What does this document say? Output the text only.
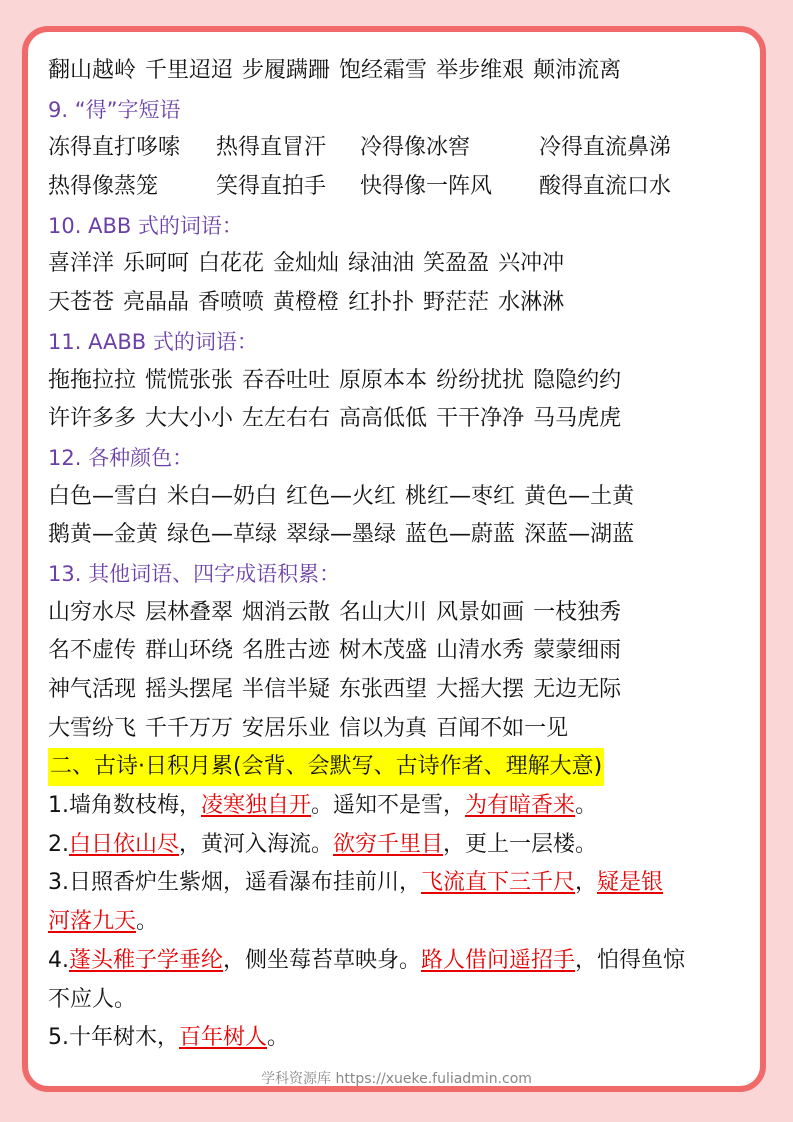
翻山越岭 千里迢迢 步履蹒跚 饱经霜雪 举步维艰 颠沛流离
9. “得”字短语
冻得直打哆嗦	热得直冒汗	冷得像冰窖	冷得直流鼻涕
热得像蒸笼	笑得直拍手	快得像一阵风	酸得直流口水
10. ABB 式的词语：
喜洋洋 乐呵呵 白花花 金灿灿 绿油油 笑盈盈 兴冲冲
天苍苍 亮晶晶 香喷喷 黄橙橙 红扑扑 野茫茫 水淋淋
11. AABB 式的词语：
拖拖拉拉 慌慌张张 吞吞吐吐 原原本本 纷纷扰扰 隐隐约约
许许多多 大大小小 左左右右 高高低低 干干净净 马马虎虎
12. 各种颜色：
白色—雪白 米白—奶白 红色—火红 桃红—枣红 黄色—土黄
鹅黄—金黄 绿色—草绿 翠绿—墨绿 蓝色—蔚蓝 深蓝—湖蓝
13. 其他词语、四字成语积累：
山穷水尽 层林叠翠 烟消云散 名山大川 风景如画 一枝独秀
名不虚传 群山环绕 名胜古迹 树木茂盛 山清水秀 蒙蒙细雨
神气活现 摇头摆尾 半信半疑 东张西望 大摇大摆 无边无际
大雪纷飞 千千万万 安居乐业 信以为真 百闻不如一见
二、古诗·日积月累(会背、会默写、古诗作者、理解大意)
1. 墙角数枝梅， 凌寒独自开 。遥知不是雪， 为有暗香来 。
2. 白日依山尽 ，黄河入海流。 欲穷千里目 ，更上一层楼。
3. 日照香炉生紫烟，遥看瀑布挂前川， 飞流直下三千尺 ， 疑是银
河落九天 。
4. 蓬头稚子学垂纶 ，侧坐莓苔草映身。 路人借问遥招手 ，怕得鱼惊
不应人。
5. 十年树木， 百年树人 。
学科资源库 https://xueke.fuliadmin.com
